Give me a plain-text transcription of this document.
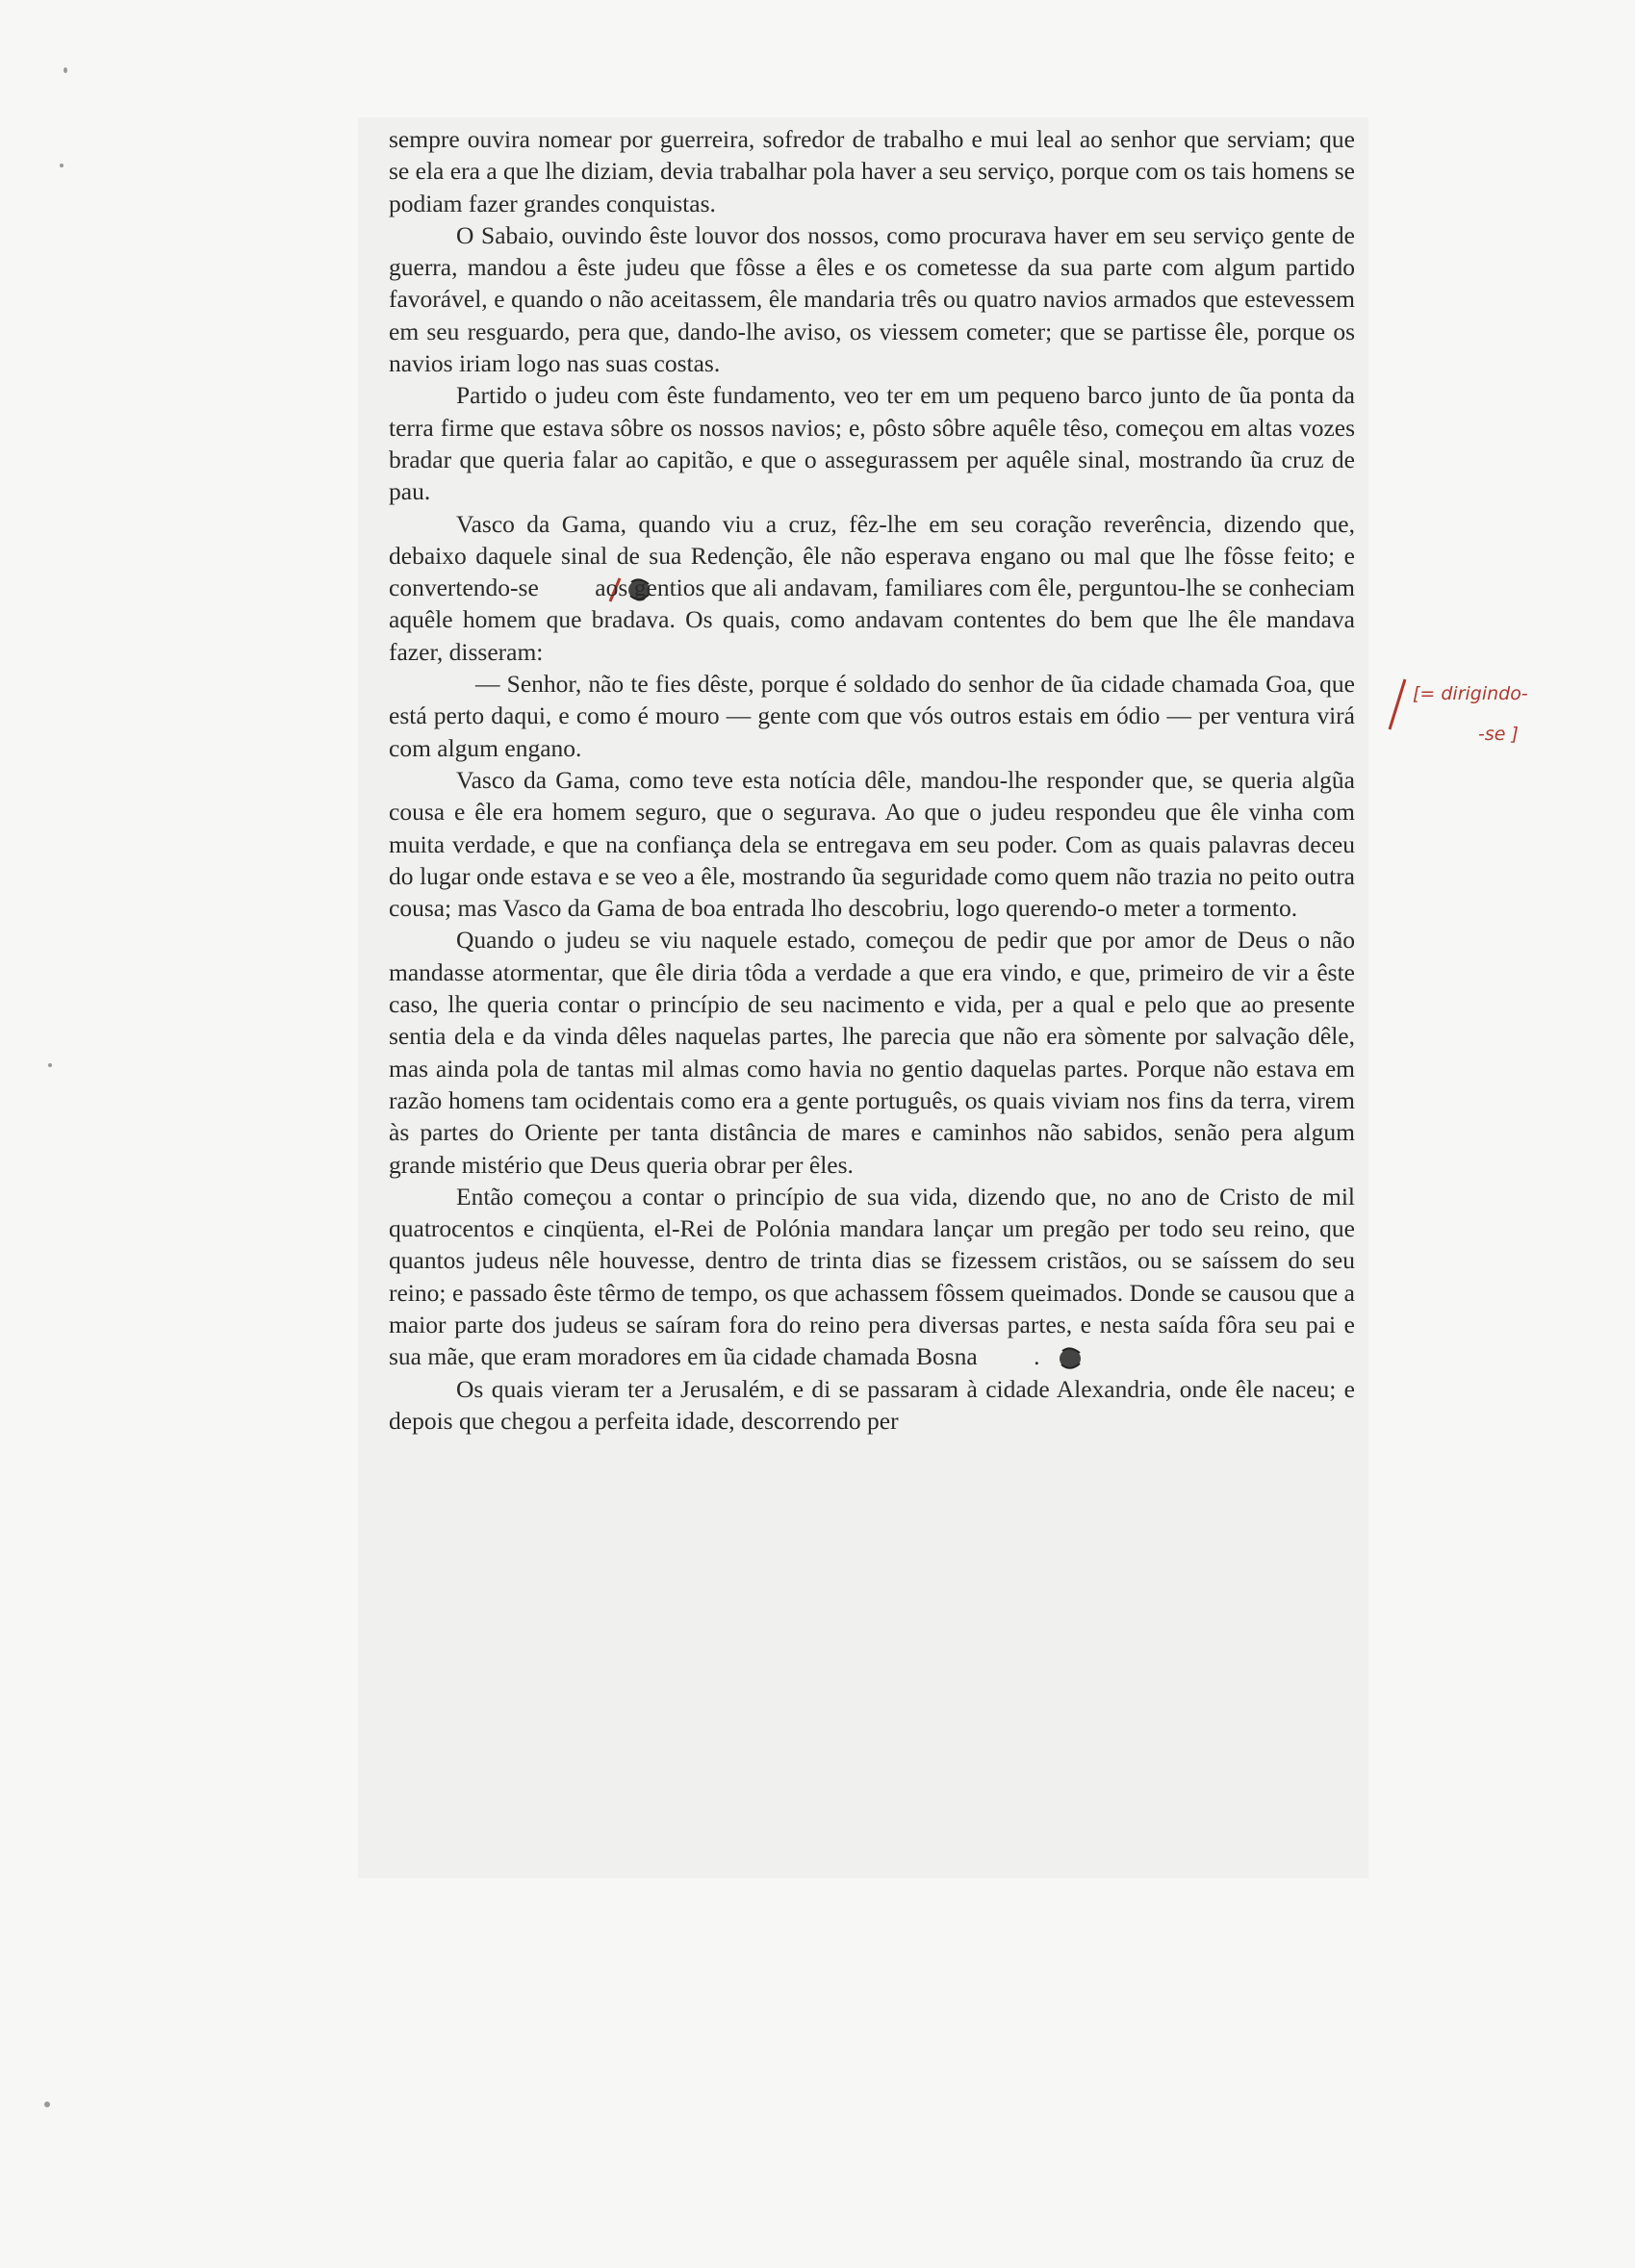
sempre ouvira nomear por guerreira, sofredor de trabalho e mui leal ao senhor que serviam; que se ela era a que lhe diziam, devia trabalhar pola haver a seu serviço, porque com os tais homens se podiam fazer grandes conquistas.

O Sabaio, ouvindo êste louvor dos nossos, como procurava haver em seu serviço gente de guerra, mandou a êste judeu que fôsse a êles e os cometesse da sua parte com algum partido favorável, e quando o não aceitassem, êle mandaria três ou quatro navios armados que estevessem em seu resguardo, pera que, dando-lhe aviso, os viessem cometer; que se partisse êle, porque os navios iriam logo nas suas costas.

Partido o judeu com êste fundamento, veo ter em um pequeno barco junto de ũa ponta da terra firme que estava sôbre os nossos navios; e, pôsto sôbre aquêle têso, começou em altas vozes bradar que queria falar ao capitão, e que o assegurassem per aquêle sinal, mostrando ũa cruz de pau.

Vasco da Gama, quando viu a cruz, fêz-lhe em seu coração reverência, dizendo que, debaixo daquele sinal de sua Redenção, êle não esperava engano ou mal que lhe fôsse feito; e convertendo-se aos gentios que ali andavam, familiares com êle, perguntou-lhe se conheciam aquêle homem que bradava. Os quais, como andavam contentes do bem que lhe êle mandava fazer, disseram:

— Senhor, não te fies dêste, porque é soldado do senhor de ũa cidade chamada Goa, que está perto daqui, e como é mouro — gente com que vós outros estais em ódio — per ventura virá com algum engano.

Vasco da Gama, como teve esta notícia dêle, mandou-lhe responder que, se queria algũa cousa e êle era homem seguro, que o segurava. Ao que o judeu respondeu que êle vinha com muita verdade, e que na confiança dela se entregava em seu poder. Com as quais palavras deceu do lugar onde estava e se veo a êle, mostrando ũa seguridade como quem não trazia no peito outra cousa; mas Vasco da Gama de boa entrada lho descobriu, logo querendo-o meter a tormento.

Quando o judeu se viu naquele estado, começou de pedir que por amor de Deus o não mandasse atormentar, que êle diria tôda a verdade a que era vindo, e que, primeiro de vir a êste caso, lhe queria contar o princípio de seu nacimento e vida, per a qual e pelo que ao presente sentia dela e da vinda dêles naquelas partes, lhe parecia que não era sòmente por salvação dêle, mas ainda pola de tantas mil almas como havia no gentio daquelas partes. Porque não estava em razão homens tam ocidentais como era a gente português, os quais viviam nos fins da terra, virem às partes do Oriente per tanta distância de mares e caminhos não sabidos, senão pera algum grande mistério que Deus queria obrar per êles.

Então começou a contar o princípio de sua vida, dizendo que, no ano de Cristo de mil quatrocentos e cinqüenta, el-Rei de Polónia mandara lançar um pregão per todo seu reino, que quantos judeus nêle houvesse, dentro de trinta dias se fizessem cristãos, ou se saíssem do seu reino; e passado êste têrmo de tempo, os que achassem fôssem queimados. Donde se causou que a maior parte dos judeus se saíram fora do reino pera diversas partes, e nesta saída fôra seu pai e sua mãe, que eram moradores em ũa cidade chamada Bosna .

Os quais vieram ter a Jerusalém, e di se passaram à cidade Alexandria, onde êle naceu; e depois que chegou a perfeita idade, descorrendo per

[= dirigindo-
-se ]
